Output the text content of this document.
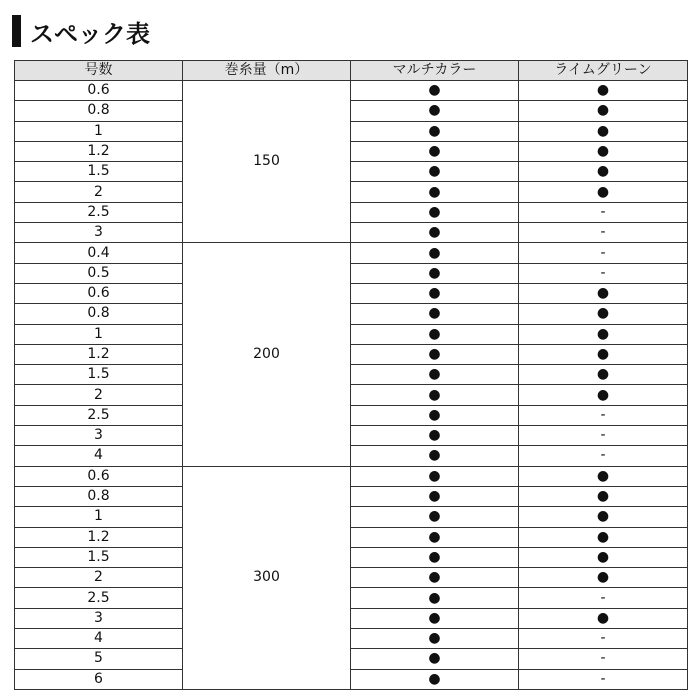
スペック表
号数	巻糸量（m）	マルチカラー	ライムグリーン
0.6	150	●	●
0.8		●	●
1		●	●
1.2		●	●
1.5		●	●
2		●	●
2.5		●	-
3		●	-
0.4	200	●	-
0.5		●	-
0.6		●	●
0.8		●	●
1		●	●
1.2		●	●
1.5		●	●
2		●	●
2.5		●	-
3		●	-
4		●	-
0.6	300	●	●
0.8		●	●
1		●	●
1.2		●	●
1.5		●	●
2		●	●
2.5		●	-
3		●	●
4		●	-
5		●	-
6		●	-
